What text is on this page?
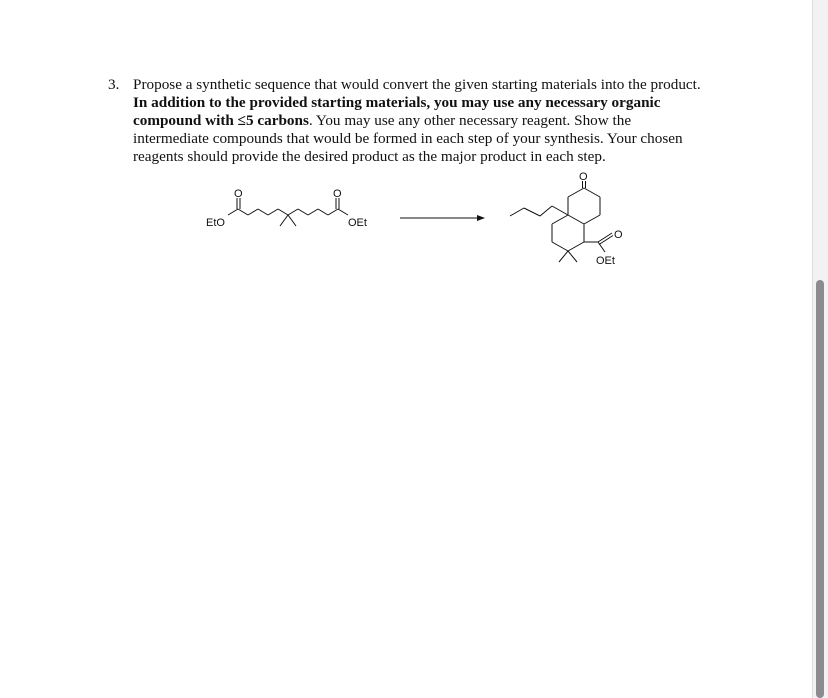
3. Propose a synthetic sequence that would convert the given starting materials into the product.

In addition to the provided starting materials, you may use any necessary organic

compound with ≤5 carbons. You may use any other necessary reagent. Show the

intermediate compounds that would be formed in each step of your synthesis. Your chosen

reagents should provide the desired product as the major product in each step.

EtO	OEt
O	O
O
O
OEt
